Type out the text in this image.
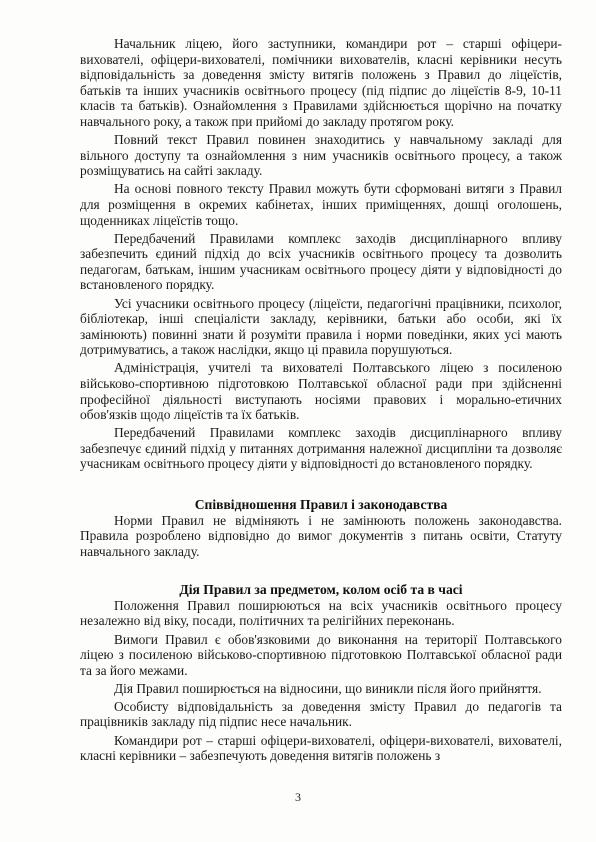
Начальник ліцею, його заступники, командири рот – старші офіцери-вихователі, офіцери-вихователі, помічники вихователів, класні керівники несуть відповідальність за доведення змісту витягів положень з Правил до ліцеїстів, батьків та інших учасників освітнього процесу (під підпис до ліцеїстів 8-9, 10-11 класів та батьків). Ознайомлення з Правилами здійснюється щорічно на початку навчального року, а також при прийомі до закладу протягом року.

Повний текст Правил повинен знаходитись у навчальному закладі для вільного доступу та ознайомлення з ним учасників освітнього процесу, а також розміщуватись на сайті закладу.

На основі повного тексту Правил можуть бути сформовані витяги з Правил для розміщення в окремих кабінетах, інших приміщеннях, дошці оголошень, щоденниках ліцеїстів тощо.

Передбачений Правилами комплекс заходів дисциплінарного впливу забезпечить єдиний підхід до всіх учасників освітнього процесу та дозволить педагогам, батькам, іншим учасникам освітнього процесу діяти у відповідності до встановленого порядку.

Усі учасники освітнього процесу (ліцеїсти, педагогічні працівники, психолог, бібліотекар, інші спеціалісти закладу, керівники, батьки або особи, які їх замінюють) повинні знати й розуміти правила і норми поведінки, яких усі мають дотримуватись, а також наслідки, якщо ці правила порушуються.

Адміністрація, учителі та вихователі Полтавського ліцею з посиленою військово-спортивною підготовкою Полтавської обласної ради при здійсненні професійної діяльності виступають носіями правових і морально-етичних обов'язків щодо ліцеїстів та їх батьків.

Передбачений Правилами комплекс заходів дисциплінарного впливу забезпечує єдиний підхід у питаннях дотримання належної дисципліни та дозволяє учасникам освітнього процесу діяти у відповідності до встановленого порядку.

Співвідношення Правил і законодавства

Норми Правил не відміняють і не замінюють положень законодавства. Правила розроблено відповідно до вимог документів з питань освіти, Статуту навчального закладу.

Дія Правил за предметом, колом осіб та в часі

Положення Правил поширюються на всіх учасників освітнього процесу незалежно від віку, посади, політичних та релігійних переконань.

Вимоги Правил є обов'язковими до виконання на території Полтавського ліцею з посиленою військово-спортивною підготовкою Полтавської обласної ради та за його межами.

Дія Правил поширюється на відносини, що виникли після його прийняття.

Особисту відповідальність за доведення змісту Правил до педагогів та працівників закладу під підпис несе начальник.

Командири рот – старші офіцери-вихователі, офіцери-вихователі, вихователі, класні керівники – забезпечують доведення витягів положень з

3
